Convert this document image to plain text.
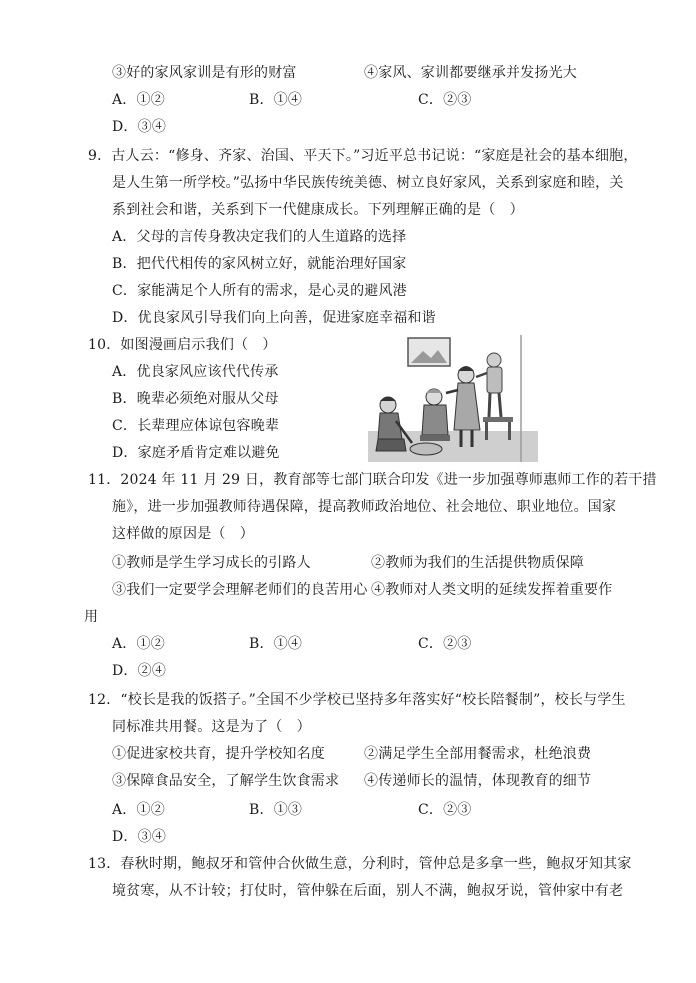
③好的家风家训是有形的财富	④家风、家训都要继承并发扬光大
A．①②	B．①④	C．②③
D．③④
9．古人云：“修身、齐家、治国、平天下。”习近平总书记说：“家庭是社会的基本细胞，
是人生第一所学校。”弘扬中华民族传统美德、树立良好家风，关系到家庭和睦，关
系到社会和谐，关系到下一代健康成长。下列理解正确的是（　）
A．父母的言传身教决定我们的人生道路的选择
B．把代代相传的家风树立好，就能治理好国家
C．家能满足个人所有的需求，是心灵的避风港
D．优良家风引导我们向上向善，促进家庭幸福和谐
10．如图漫画启示我们（　）
A．优良家风应该代代传承
B．晚辈必须绝对服从父母
C．长辈理应体谅包容晚辈
D．家庭矛盾肯定难以避免
11．2024 年 11 月 29 日，教育部等七部门联合印发《进一步加强尊师惠师工作的若干措
施》，进一步加强教师待遇保障，提高教师政治地位、社会地位、职业地位。国家
这样做的原因是（　）
①教师是学生学习成长的引路人	②教师为我们的生活提供物质保障
③我们一定要学会理解老师们的良苦用心 ④教师对人类文明的延续发挥着重要作
用
A．①②	B．①④	C．②③
D．②④
12．“校长是我的饭搭子。”全国不少学校已坚持多年落实好“校长陪餐制”，校长与学生
同标准共用餐。这是为了（　）
①促进家校共育，提升学校知名度	②满足学生全部用餐需求，杜绝浪费
③保障食品安全，了解学生饮食需求 ④传递师长的温情，体现教育的细节
A．①②	B．①③	C．②③
D．③④
13．春秋时期，鲍叔牙和管仲合伙做生意，分利时，管仲总是多拿一些，鲍叔牙知其家
境贫寒，从不计较；打仗时，管仲躲在后面，别人不满，鲍叔牙说，管仲家中有老
